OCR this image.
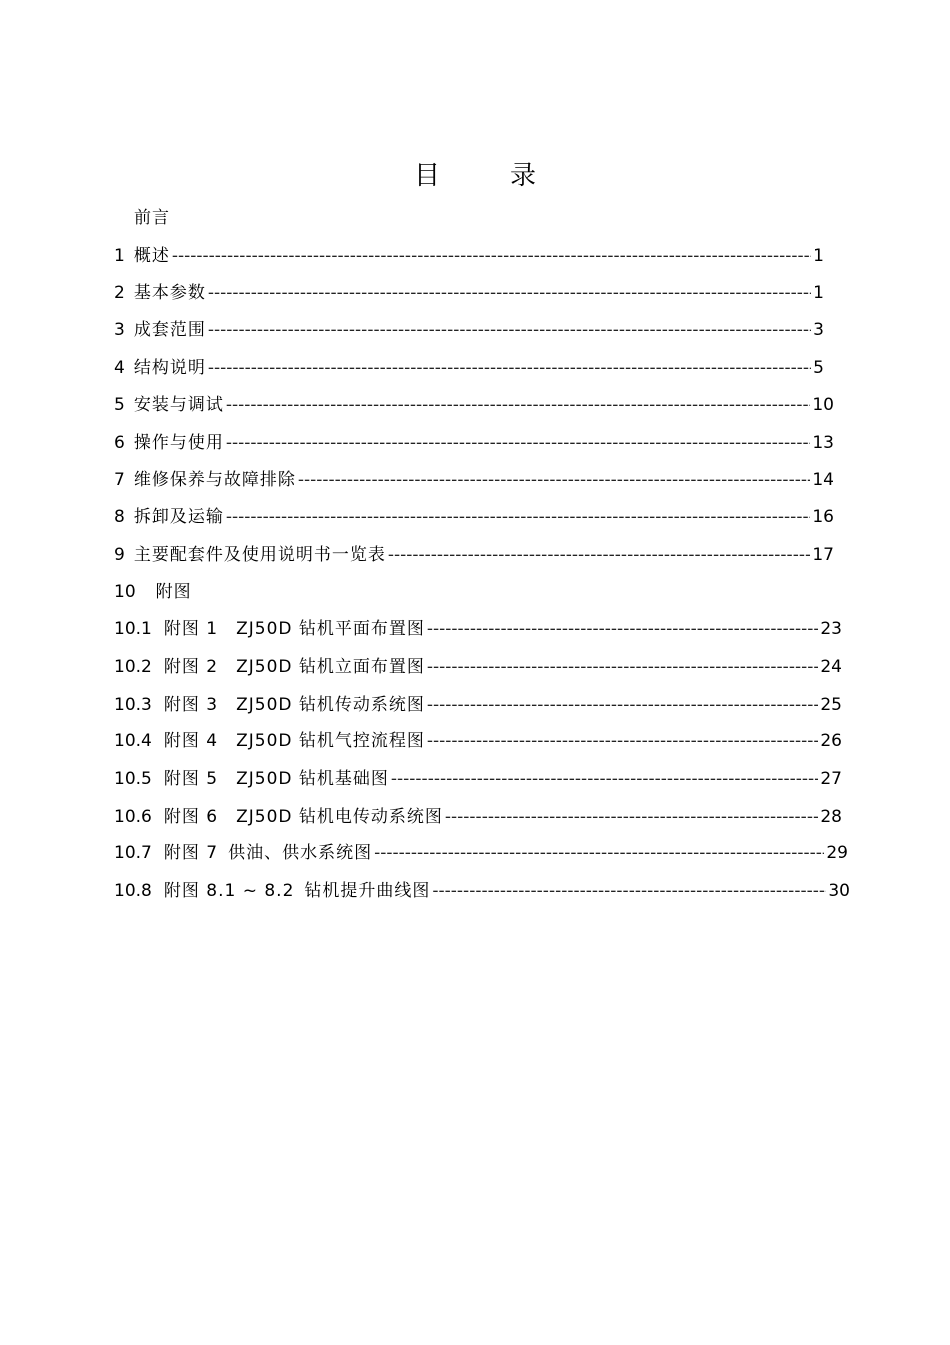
目	录
前言
1 概述 -----	1
2 基本参数 -----	1
3 成套范围 -----	3
4 结构说明 -----	5
5 安装与调试 -----	10
6 操作与使用 -----	13
7 维修保养与故障排除 -----	14
8 拆卸及运输 -----	16
9 主要配套件及使用说明书一览表 -----	17
10 附图
10.1 附图 1 ZJ50D 钻机平面布置图 -----	23
10.2 附图 2 ZJ50D 钻机立面布置图 -----	24
10.3 附图 3 ZJ50D 钻机传动系统图 -----	25
10.4 附图 4 ZJ50D 钻机气控流程图 -----	26
10.5 附图 5 ZJ50D 钻机基础图 -----	27
10.6 附图 6 ZJ50D 钻机电传动系统图 -----	28
10.7 附图 7 供油、供水系统图 -----	29
10.8 附图 8.1 ~ 8.2 钻机提升曲线图 -----	30
